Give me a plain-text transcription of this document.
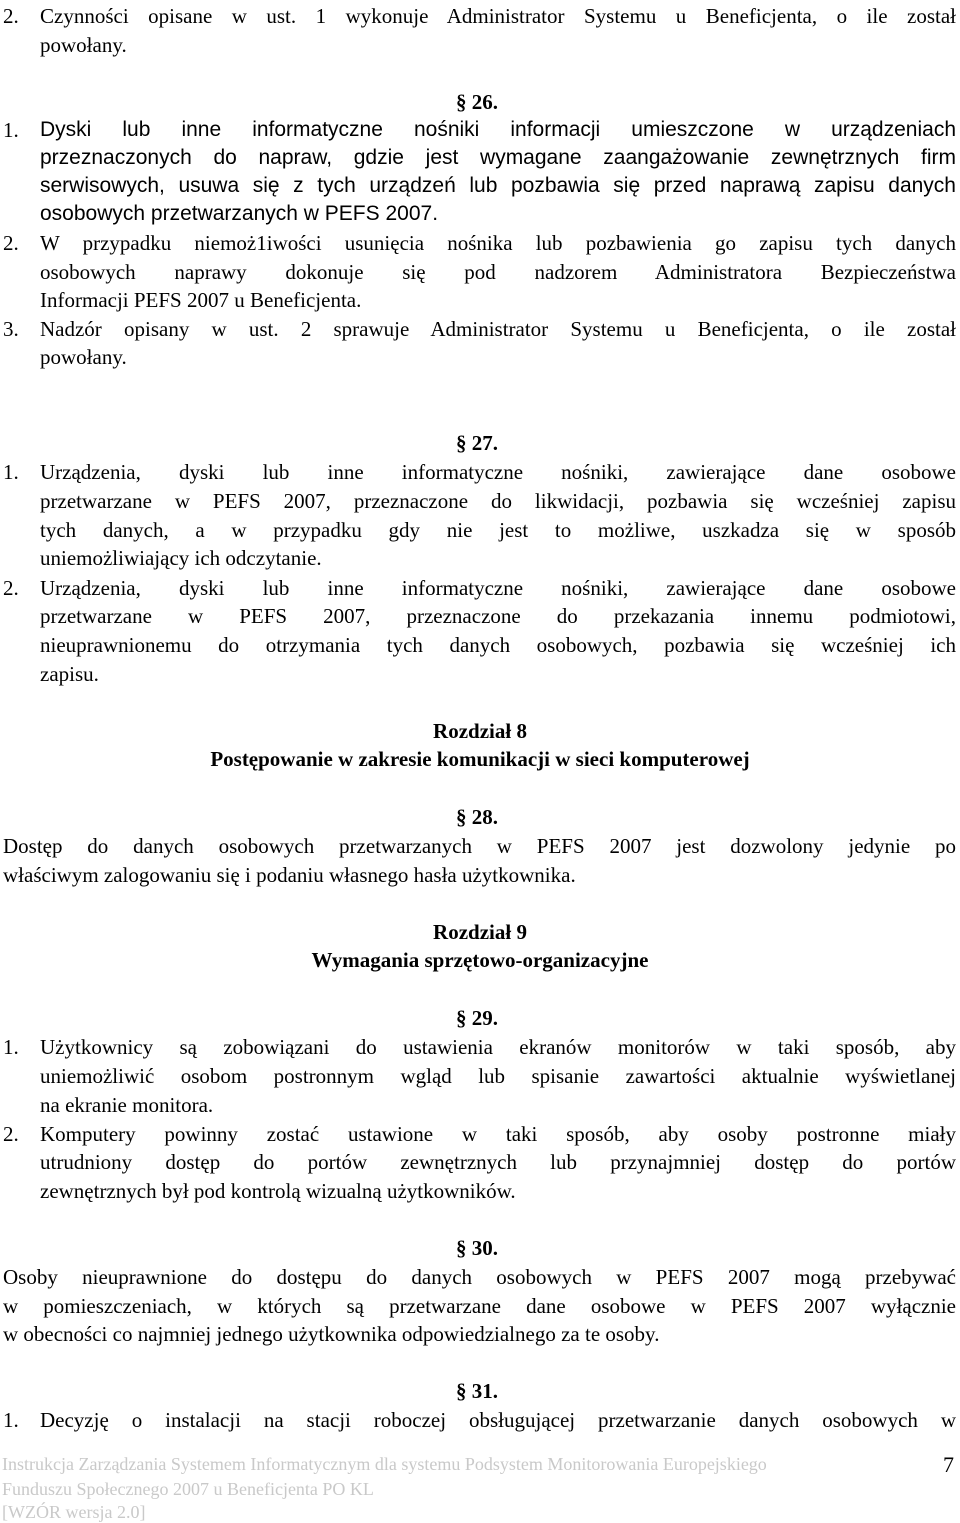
2. Czynności opisane w ust. 1 wykonuje Administrator Systemu u Beneficjenta, o ile został
powołany.
§ 26.
1. Dyski lub inne informatyczne nośniki informacji umieszczone w urządzeniach
przeznaczonych do napraw, gdzie jest wymagane zaangażowanie zewnętrznych firm
serwisowych, usuwa się z tych urządzeń lub pozbawia się przed naprawą zapisu danych
osobowych przetwarzanych w PEFS 2007.
2. W przypadku niemoż1iwości usunięcia nośnika lub pozbawienia go zapisu tych danych
osobowych naprawy dokonuje się pod nadzorem Administratora Bezpieczeństwa
Informacji PEFS 2007 u Beneficjenta.
3. Nadzór opisany w ust. 2 sprawuje Administrator Systemu u Beneficjenta, o ile został
powołany.
§ 27.
1. Urządzenia, dyski lub inne informatyczne nośniki, zawierające dane osobowe
przetwarzane w PEFS 2007, przeznaczone do likwidacji, pozbawia się wcześniej zapisu
tych danych, a w przypadku gdy nie jest to możliwe, uszkadza się w sposób
uniemożliwiający ich odczytanie.
2. Urządzenia, dyski lub inne informatyczne nośniki, zawierające dane osobowe
przetwarzane w PEFS 2007, przeznaczone do przekazania innemu podmiotowi,
nieuprawnionemu do otrzymania tych danych osobowych, pozbawia się wcześniej ich
zapisu.
Rozdział 8
Postępowanie w zakresie komunikacji w sieci komputerowej
§ 28.
Dostęp do danych osobowych przetwarzanych w PEFS 2007 jest dozwolony jedynie po
właściwym zalogowaniu się i podaniu własnego hasła użytkownika.
Rozdział 9
Wymagania sprzętowo-organizacyjne
§ 29.
1. Użytkownicy są zobowiązani do ustawienia ekranów monitorów w taki sposób, aby
uniemożliwić osobom postronnym wgląd lub spisanie zawartości aktualnie wyświetlanej
na ekranie monitora.
2. Komputery powinny zostać ustawione w taki sposób, aby osoby postronne miały
utrudniony dostęp do portów zewnętrznych lub przynajmniej dostęp do portów
zewnętrznych był pod kontrolą wizualną użytkowników.
§ 30.
Osoby nieuprawnione do dostępu do danych osobowych w PEFS 2007 mogą przebywać
w pomieszczeniach, w których są przetwarzane dane osobowe w PEFS 2007 wyłącznie
w obecności co najmniej jednego użytkownika odpowiedzialnego za te osoby.
§ 31.
1. Decyzję o instalacji na stacji roboczej obsługującej przetwarzanie danych osobowych w
Instrukcja Zarządzania Systemem Informatycznym dla systemu Podsystem Monitorowania Europejskiego
Funduszu Społecznego 2007 u Beneficjenta PO KL
[WZÓR wersja 2.0]
7
